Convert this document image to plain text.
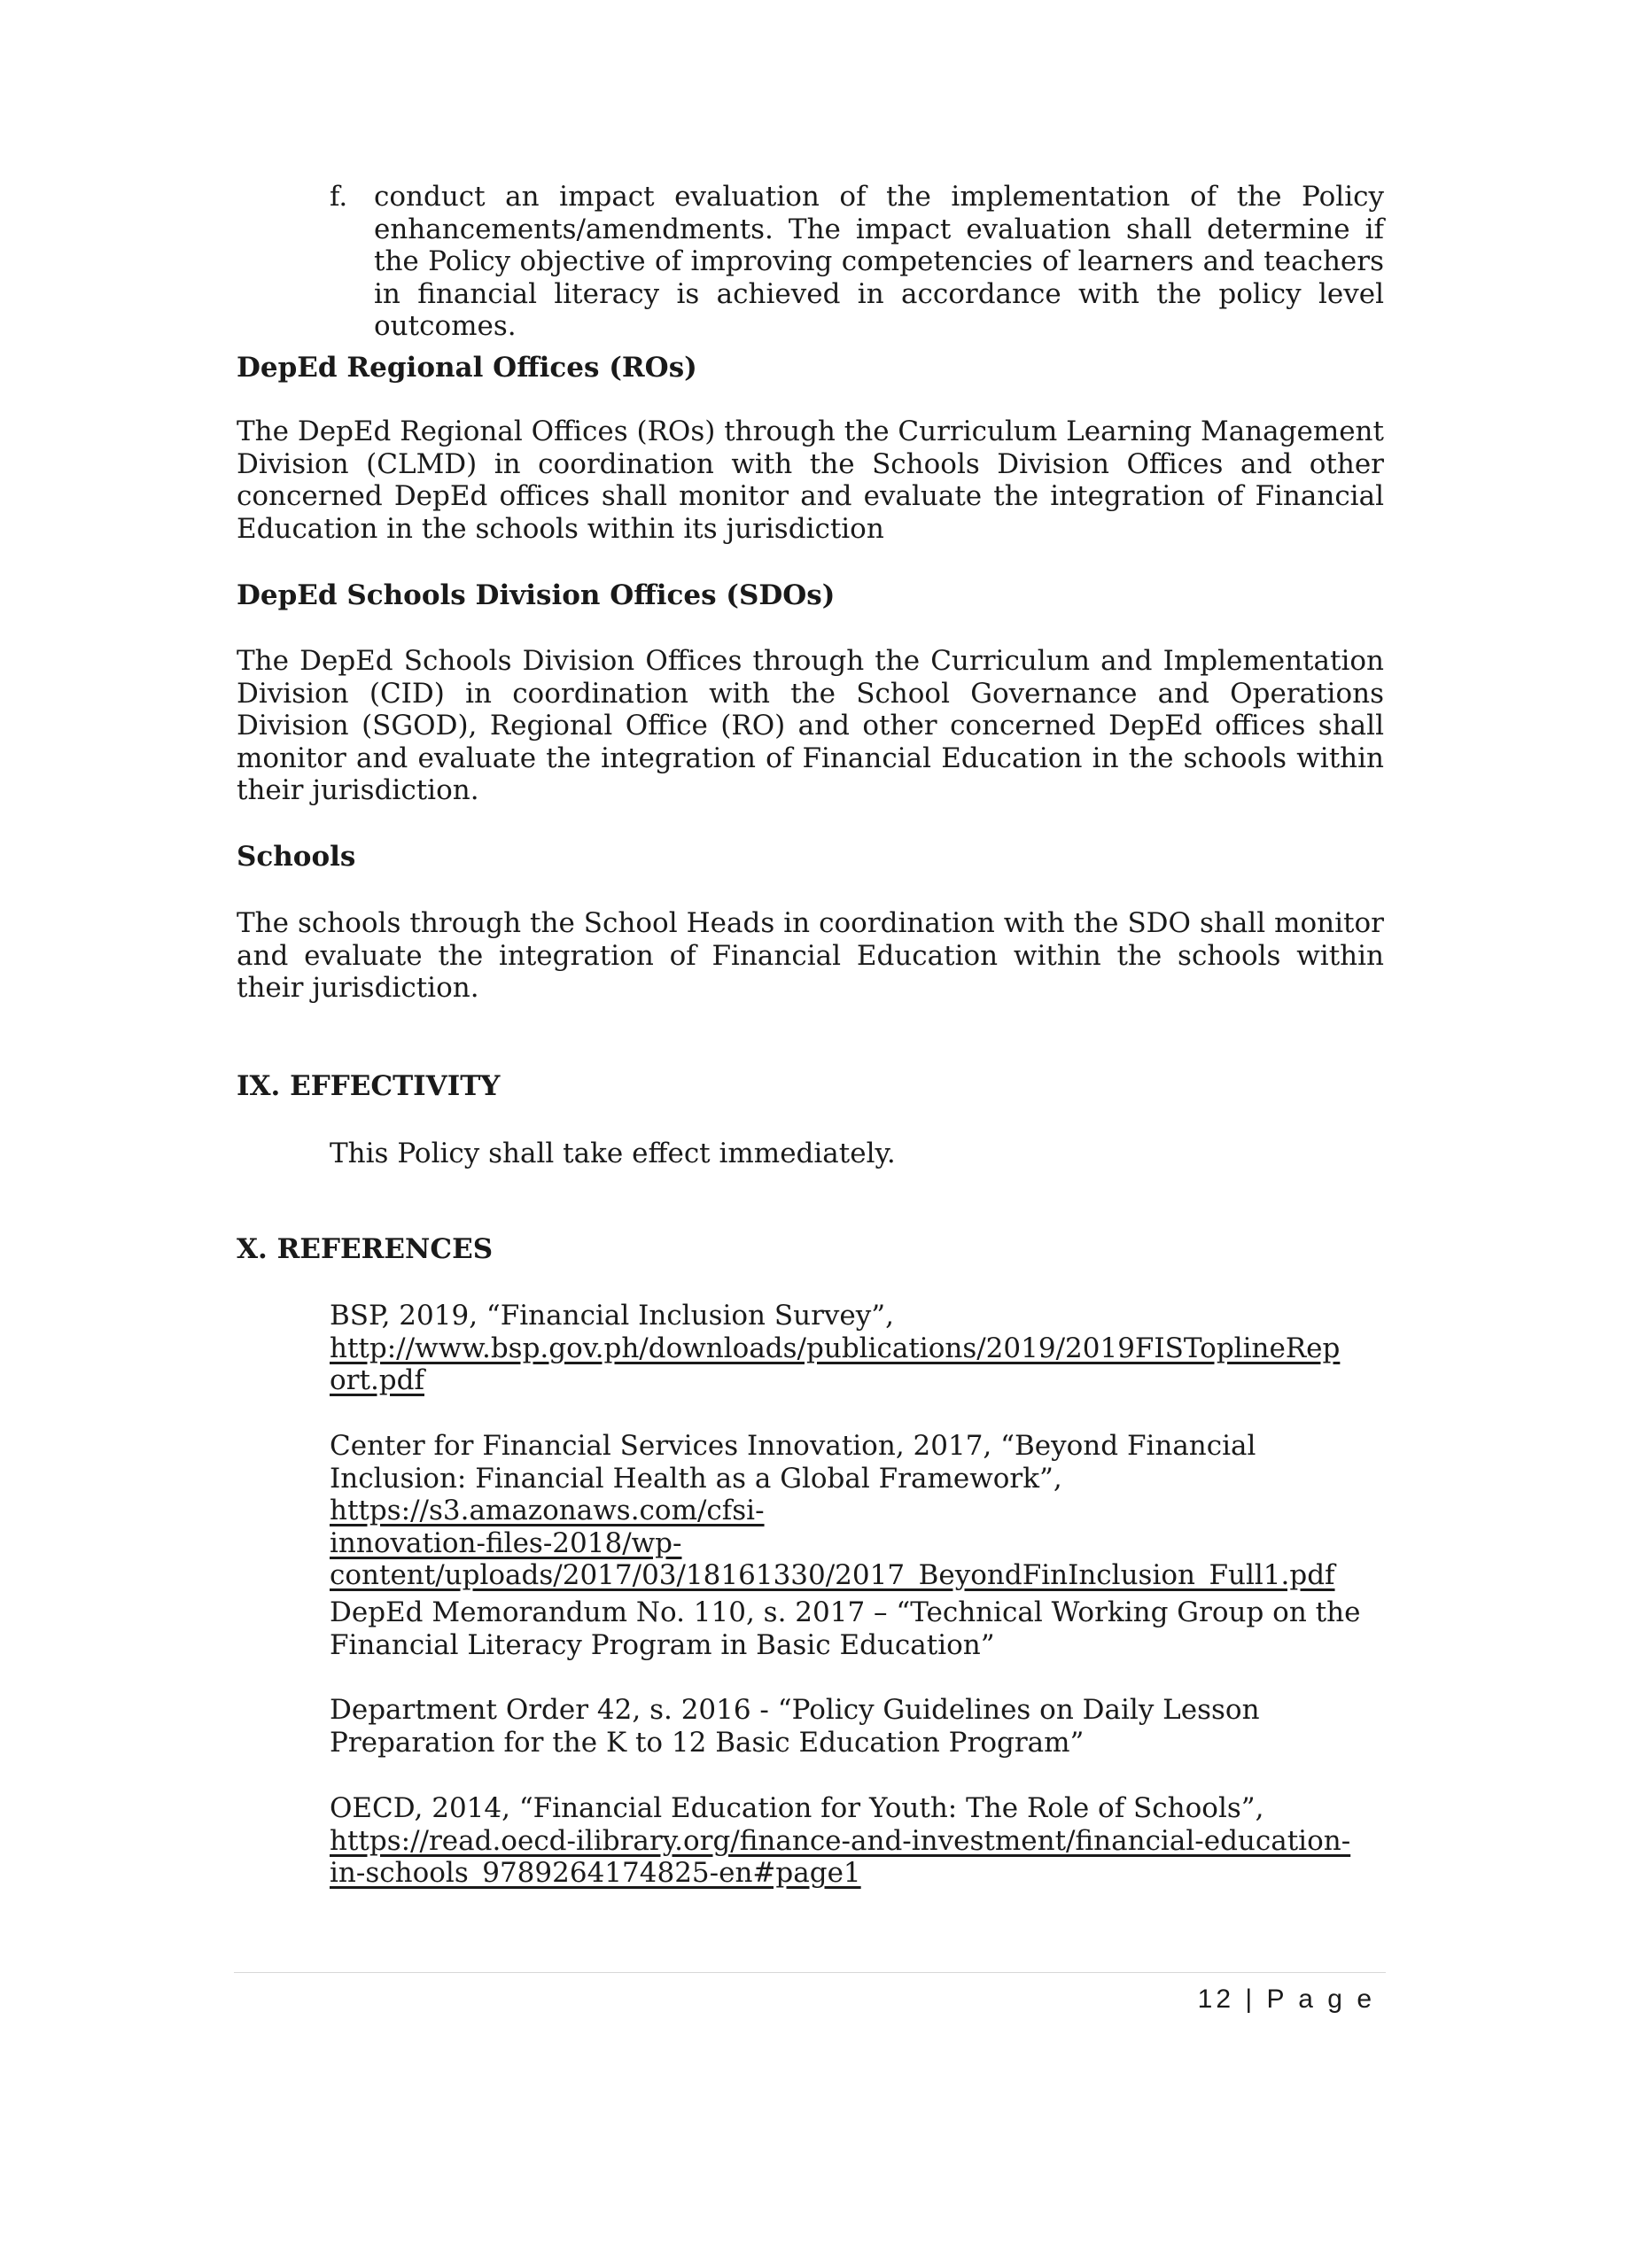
f. conduct an impact evaluation of the implementation of the Policy enhancements/amendments. The impact evaluation shall determine if the Policy objective of improving competencies of learners and teachers in financial literacy is achieved in accordance with the policy level outcomes.
DepEd Regional Offices (ROs)
The DepEd Regional Offices (ROs) through the Curriculum Learning Management Division (CLMD) in coordination with the Schools Division Offices and other concerned DepEd offices shall monitor and evaluate the integration of Financial Education in the schools within its jurisdiction
DepEd Schools Division Offices (SDOs)
The DepEd Schools Division Offices through the Curriculum and Implementation Division (CID) in coordination with the School Governance and Operations Division (SGOD), Regional Office (RO) and other concerned DepEd offices shall monitor and evaluate the integration of Financial Education in the schools within their jurisdiction.
Schools
The schools through the School Heads in coordination with the SDO shall monitor and evaluate the integration of Financial Education within the schools within their jurisdiction.
IX. EFFECTIVITY
This Policy shall take effect immediately.
X. REFERENCES
BSP, 2019, “Financial Inclusion Survey”,
http://www.bsp.gov.ph/downloads/publications/2019/2019FISToplineRep
ort.pdf
Center for Financial Services Innovation, 2017, “Beyond Financial Inclusion: Financial Health as a Global Framework”, https://s3.amazonaws.com/cfsi-
innovation-files-2018/wp-
content/uploads/2017/03/18161330/2017_BeyondFinInclusion_Full1.pdf
DepEd Memorandum No. 110, s. 2017 – “Technical Working Group on the Financial Literacy Program in Basic Education”
Department Order 42, s. 2016 - “Policy Guidelines on Daily Lesson Preparation for the K to 12 Basic Education Program”
OECD, 2014, “Financial Education for Youth: The Role of Schools”,
https://read.oecd-ilibrary.org/finance-and-investment/financial-education-
in-schools_9789264174825-en#page1
12 | P a g e
